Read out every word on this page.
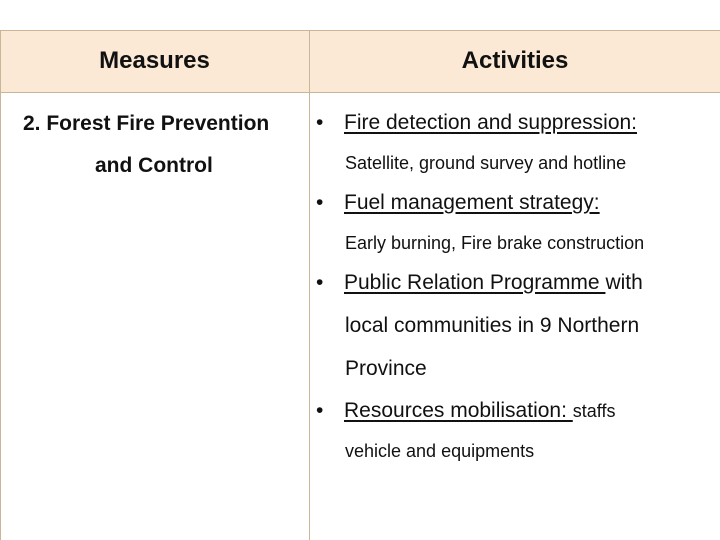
Measures	Activities
2. Forest Fire Prevention
and Control
• Fire detection and suppression:
Satellite, ground survey and hotline
• Fuel management strategy:
Early burning, Fire brake construction
• Public Relation Programme with
local communities in 9 Northern
Province
• Resources mobilisation: staffs
vehicle and equipments
